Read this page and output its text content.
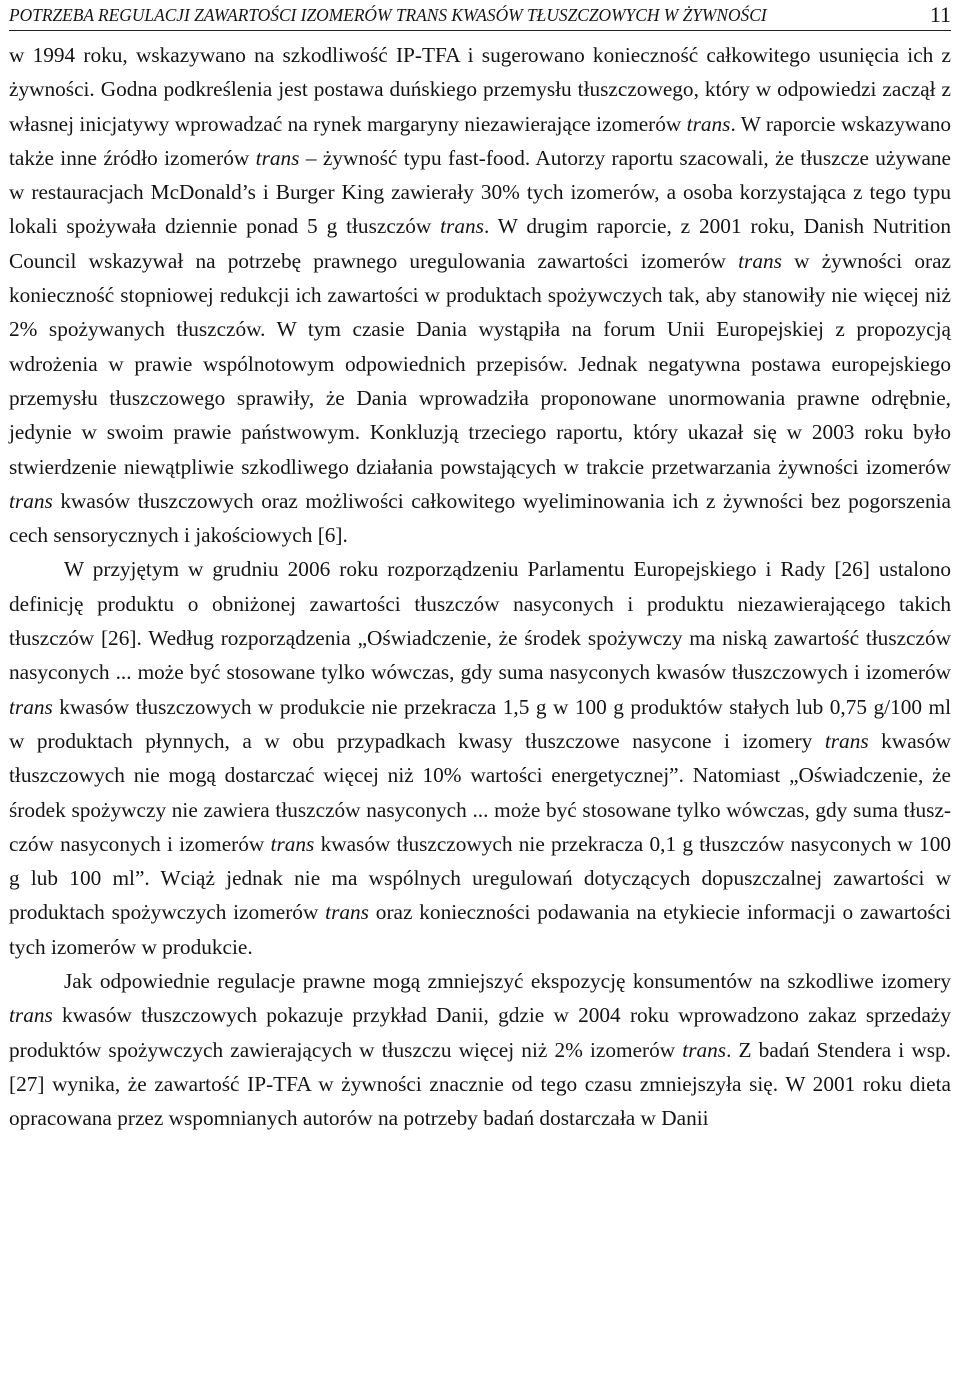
POTRZEBA REGULACJI ZAWARTOŚCI IZOMERÓW TRANS KWASÓW TŁUSZCZOWYCH W ŻYWNOŚCI	11

w 1994 roku, wskazywano na szkodliwość IP-TFA i sugerowano konieczność całkowitego usunięcia ich z żywności. Godna podkreślenia jest postawa duńskiego przemysłu tłuszczowego, który w odpowiedzi zaczął z własnej inicjatywy wprowadzać na rynek margaryny niezawierające izomerów trans. W raporcie wskazywano także inne źródło izomerów trans – żywność typu fast-food. Autorzy raportu szacowali, że tłuszcze używane w restauracjach McDonald’s i Burger King zawierały 30% tych izomerów, a osoba korzystająca z tego typu lokali spożywała dziennie ponad 5 g tłuszczów trans. W drugim raporcie, z 2001 roku, Danish Nutrition Council wskazywał na potrzebę prawnego uregulowania zawartości izomerów trans w żywności oraz konieczność stopniowej redukcji ich zawartości w produktach spożywczych tak, aby stanowiły nie więcej niż 2% spożywanych tłuszczów. W tym czasie Dania wystąpiła na forum Unii Europejskiej z propozycją wdrożenia w prawie wspólnotowym odpowiednich przepisów. Jednak negatywna postawa europejskiego przemysłu tłuszczowego sprawiły, że Dania wprowadziła proponowane unormowania prawne odrębnie, jedynie w swoim prawie państwowym. Konkluzją trzeciego raportu, który ukazał się w 2003 roku było stwierdzenie niewątpliwie szkodliwego działania powstających w trakcie przetwarzania żywności izomerów trans kwasów tłuszczowych oraz możliwości całkowitego wyeliminowania ich z żywności bez pogorszenia cech sensorycznych i jakościowych [6].

W przyjętym w grudniu 2006 roku rozporządzeniu Parlamentu Europejskiego i Rady [26] ustalono definicję produktu o obniżonej zawartości tłuszczów nasyconych i produktu niezawierającego takich tłuszczów [26]. Według rozporządzenia „Oświadczenie, że środek spożywczy ma niską zawartość tłuszczów nasyconych ... może być stosowane tylko wówczas, gdy suma nasyconych kwasów tłuszczowych i izomerów trans kwasów tłuszczowych w produkcie nie przekracza 1,5 g w 100 g produktów stałych lub 0,75 g/100 ml w produktach płynnych, a w obu przypadkach kwasy tłuszczowe nasycone i izomery trans kwasów tłuszczowych nie mogą dostarczać więcej niż 10% wartości energetycznej”. Natomiast „Oświadczenie, że środek spożywczy nie zawiera tłuszczów nasyconych ... może być stosowane tylko wówczas, gdy suma tłuszczów nasyconych i izomerów trans kwasów tłuszczowych nie przekracza 0,1 g tłuszczów nasyconych w 100 g lub 100 ml”. Wciąż jednak nie ma wspólnych uregulowań dotyczących dopuszczalnej zawartości w produktach spożywczych izomerów trans oraz konieczności podawania na etykiecie informacji o zawartości tych izomerów w produkcie.

Jak odpowiednie regulacje prawne mogą zmniejszyć ekspozycję konsumentów na szkodliwe izomery trans kwasów tłuszczowych pokazuje przykład Danii, gdzie w 2004 roku wprowadzono zakaz sprzedaży produktów spożywczych zawierających w tłuszczu więcej niż 2% izomerów trans. Z badań Stendera i wsp. [27] wynika, że zawartość IP-TFA w żywności znacznie od tego czasu zmniejszyła się. W 2001 roku dieta opracowana przez wspomnianych autorów na potrzeby badań dostarczała w Danii
